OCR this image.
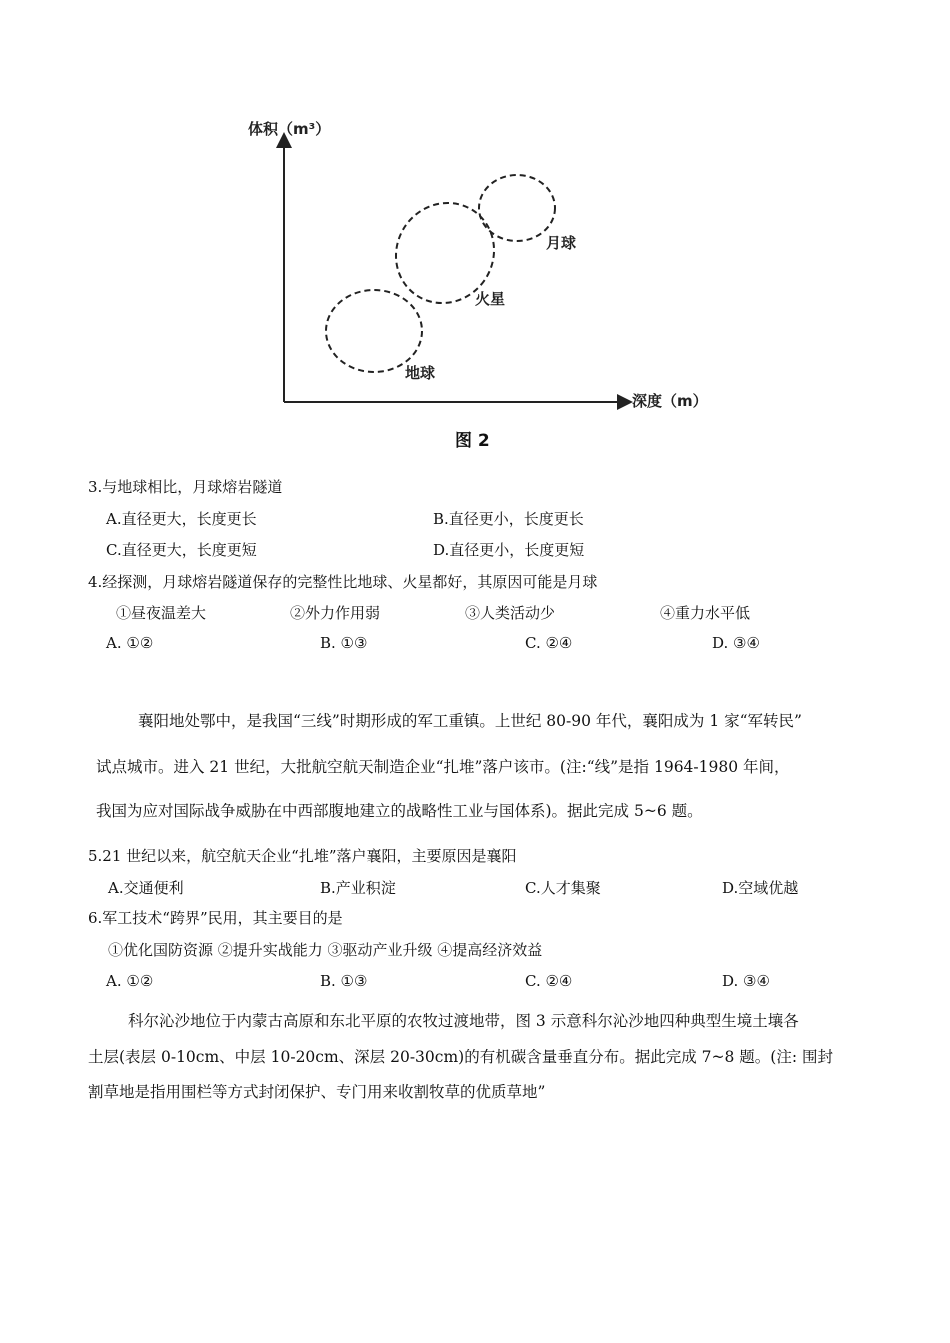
体积（m³）
深度（m）
月球
火星
地球
图 2
3.与地球相比，月球熔岩隧道
A.直径更大，长度更长	B.直径更小，长度更长
C.直径更大，长度更短	D.直径更小，长度更短
4.经探测，月球熔岩隧道保存的完整性比地球、火星都好，其原因可能是月球
①昼夜温差大	②外力作用弱	③人类活动少	④重力水平低
A. ①②	B. ①③	C. ②④	D. ③④
襄阳地处鄂中，是我国“三线”时期形成的军工重镇。上世纪 80-90 年代，襄阳成为 1 家“军转民”
试点城市。进入 21 世纪，大批航空航天制造企业“扎堆”落户该市。(注:“线”是指 1964-1980 年间，
我国为应对国际战争威胁在中西部腹地建立的战略性工业与国体系)。据此完成 5~6 题。
5.21 世纪以来，航空航天企业“扎堆”落户襄阳，主要原因是襄阳
A.交通便利	B.产业积淀	C.人才集聚	D.空域优越
6.军工技术“跨界”民用，其主要目的是
①优化国防资源 ②提升实战能力 ③驱动产业升级 ④提高经济效益
A. ①②	B. ①③	C. ②④	D. ③④
科尔沁沙地位于内蒙古高原和东北平原的农牧过渡地带，图 3 示意科尔沁沙地四种典型生境土壤各
土层(表层 0-10cm、中层 10-20cm、深层 20-30cm)的有机碳含量垂直分布。据此完成 7~8 题。(注: 围封
割草地是指用围栏等方式封闭保护、专门用来收割牧草的优质草地”
